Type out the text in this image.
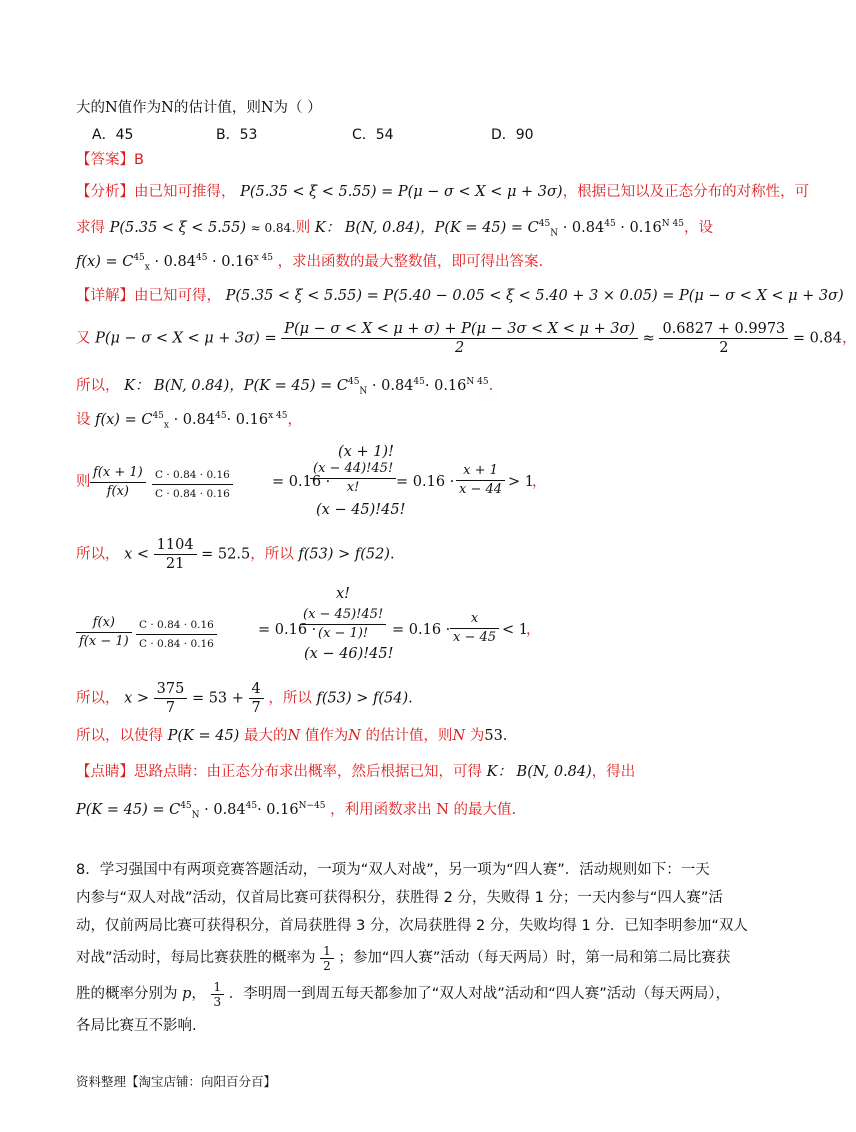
大的N值作为N的估计值，则N为（ ）
A．45	B．53	C．54	D．90
【答案】B
【分析】由已知可推得， P(5.35 < ξ < 5.55) = P(μ − σ < X < μ + 3σ)，根据已知以及正态分布的对称性，可
求得 P(5.35 < ξ < 5.55) ≈ 0.84.则 K： B(N, 0.84)，$P(K = 45) = C^{45}_N \cdot 0.84^{45} \cdot 0.16^{N 45}$，设
$f(x) = C^{45}_x \cdot 0.84^{45} \cdot 0.16^{x 45}$ ，求出函数的最大整数值，即可得出答案.
【详解】由已知可得， P(5.35 < ξ < 5.55) = P(5.40 − 0.05 < ξ < 5.40 + 3 × 0.05) = P(μ − σ < X < μ + 3σ)
又 $P(\mu - \sigma < X < \mu + 3\sigma) = \frac{P(\mu - \sigma < X < \mu + \sigma) + P(\mu - 3\sigma < X < \mu + 3\sigma)}{2} \approx \frac{0.6827 + 0.9973}{2} = 0.84$，
所以， K： B(N, 0.84)，$P(K = 45) = C^{45}_N \cdot 0.84^{45}\cdot 0.16^{N 45}$.
设 $f(x) = C^{45}_x \cdot 0.84^{45}\cdot 0.16^{x 45}$，
则 $\frac{f(x + 1)}{f(x)} \frac{C \cdot 0.84 \cdot 0.16}{C \cdot 0.84 \cdot 0.16}$	= 0.16 ·
(x + 1)!
$\frac{(x - 44)!45!}{x!}$
(x − 45)!45!
= $0.16 \cdot \frac{x + 1}{x - 44} > 1$
，
所以， $x < \frac{1104}{21} = 52.5$，所以 f(53) > f(52).
$\frac{f(x)}{f(x - 1)} \frac{C \cdot 0.84 \cdot 0.16}{C \cdot 0.84 \cdot 0.16}$	= 0.16 ·
x!
$\frac{(x - 45)!45!}{(x - 1)!}$
(x − 46)!45!
= $0.16 \cdot \frac{x}{x - 45} < 1$
，
所以， $x > \frac{375}{7} = 53 + \frac{4}{7}$ ，所以 f(53) > f(54).
所以，以使得 P(K = 45) 最大的N 值作为N 的估计值，则N 为53.
【点睛】思路点睛：由正态分布求出概率，然后根据已知，可得 K： B(N, 0.84)，得出
$P(K = 45) = C^{45}_N \cdot 0.84^{45}\cdot 0.16^{N-45}$ ，利用函数求出 N 的最大值.
8．学习强国中有两项竞赛答题活动，一项为“双人对战”，另一项为“四人赛”．活动规则如下：一天
内参与“双人对战”活动，仅首局比赛可获得积分，获胜得 2 分，失败得 1 分；一天内参与“四人赛”活
动，仅前两局比赛可获得积分，首局获胜得 3 分，次局获胜得 2 分，失败均得 1 分．已知李明参加“双人
对战”活动时，每局比赛获胜的概率为 $\frac{1}{2}$ ；参加“四人赛”活动（每天两局）时，第一局和第二局比赛获
胜的概率分别为 p， $\frac{1}{3}$ ．李明周一到周五每天都参加了“双人对战”活动和“四人赛”活动（每天两局），
各局比赛互不影响.
资料整理【淘宝店铺：向阳百分百】
